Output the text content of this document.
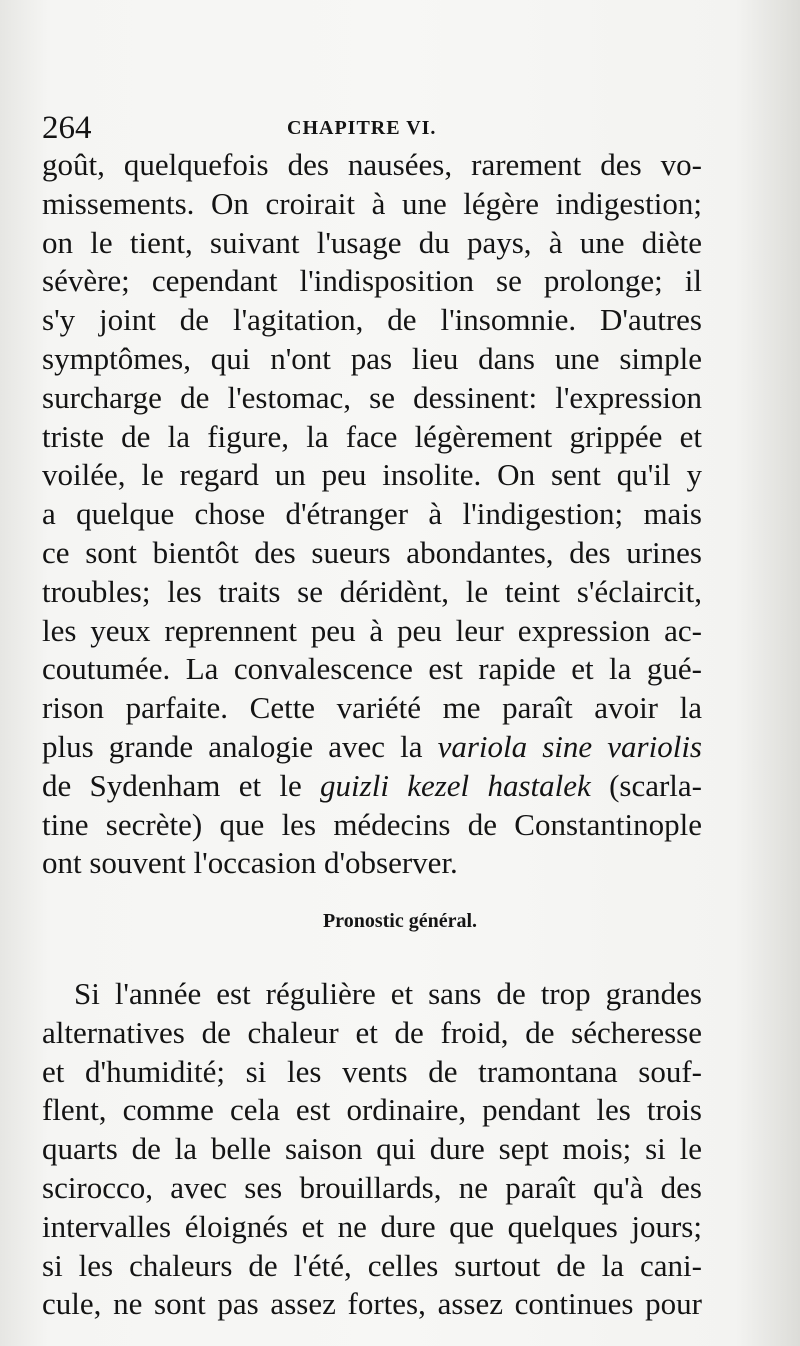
264	CHAPITRE VI.
goût, quelquefois des nausées, rarement des vo-
missements. On croirait à une légère indigestion;
on le tient, suivant l'usage du pays, à une diète
sévère; cependant l'indisposition se prolonge; il
s'y joint de l'agitation, de l'insomnie. D'autres
symptômes, qui n'ont pas lieu dans une simple
surcharge de l'estomac, se dessinent: l'expression
triste de la figure, la face légèrement grippée et
voilée, le regard un peu insolite. On sent qu'il y
a quelque chose d'étranger à l'indigestion; mais
ce sont bientôt des sueurs abondantes, des urines
troubles; les traits se déridènt, le teint s'éclaircit,
les yeux reprennent peu à peu leur expression ac-
coutumée. La convalescence est rapide et la gué-
rison parfaite. Cette variété me paraît avoir la
plus grande analogie avec la variola sine variolis
de Sydenham et le guizli kezel hastalek (scarla-
tine secrète) que les médecins de Constantinople
ont souvent l'occasion d'observer.
Pronostic général.
Si l'année est régulière et sans de trop grandes
alternatives de chaleur et de froid, de sécheresse
et d'humidité; si les vents de tramontana souf-
flent, comme cela est ordinaire, pendant les trois
quarts de la belle saison qui dure sept mois; si le
scirocco, avec ses brouillards, ne paraît qu'à des
intervalles éloignés et ne dure que quelques jours;
si les chaleurs de l'été, celles surtout de la cani-
cule, ne sont pas assez fortes, assez continues pour
